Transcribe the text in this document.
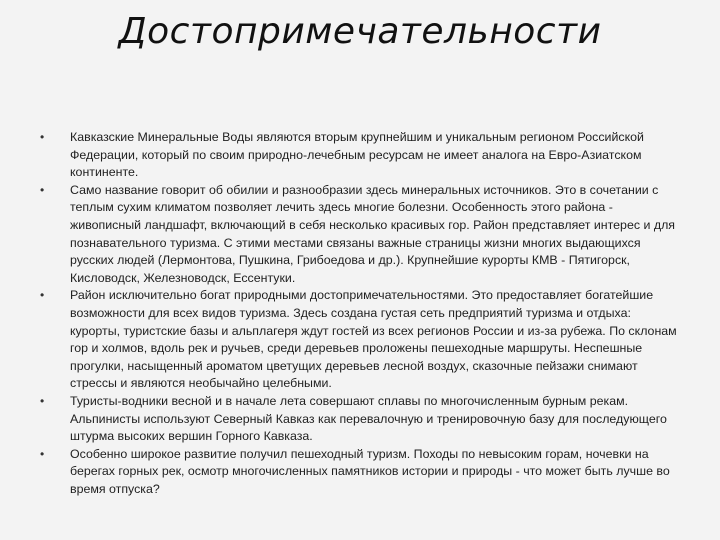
Достопримечательности
•	Кавказские Минеральные Воды являются вторым крупнейшим и уникальным регионом Российской Федерации, который по своим природно-лечебным ресурсам не имеет аналога на Евро-Азиатском континенте.
•	Само название говорит об обилии и разнообразии здесь минеральных источников. Это в сочетании с теплым сухим климатом позволяет лечить здесь многие болезни. Особенность этого района - живописный ландшафт, включающий в себя несколько красивых гор. Район представляет интерес и для познавательного туризма. С этими местами связаны важные страницы жизни многих выдающихся русских людей (Лермонтова, Пушкина, Грибоедова и др.). Крупнейшие курорты КМВ - Пятигорск, Кисловодск, Железноводск, Ессентуки.
•	Район исключительно богат природными достопримечательностями. Это предоставляет богатейшие возможности для всех видов туризма. Здесь создана густая сеть предприятий туризма и отдыха: курорты, туристские базы и альплагеря ждут гостей из всех регионов России и из-за рубежа. По склонам гор и холмов, вдоль рек и ручьев, среди деревьев проложены пешеходные маршруты. Неспешные прогулки, насыщенный ароматом цветущих деревьев лесной воздух, сказочные пейзажи снимают стрессы и являются необычайно целебными.
•	Туристы-водники весной и в начале лета совершают сплавы по многочисленным бурным рекам. Альпинисты используют Северный Кавказ как перевалочную и тренировочную базу для последующего штурма высоких вершин Горного Кавказа.
•	Особенно широкое развитие получил пешеходный туризм. Походы по невысоким горам, ночевки на берегах горных рек, осмотр многочисленных памятников истории и природы - что может быть лучше во время отпуска?
